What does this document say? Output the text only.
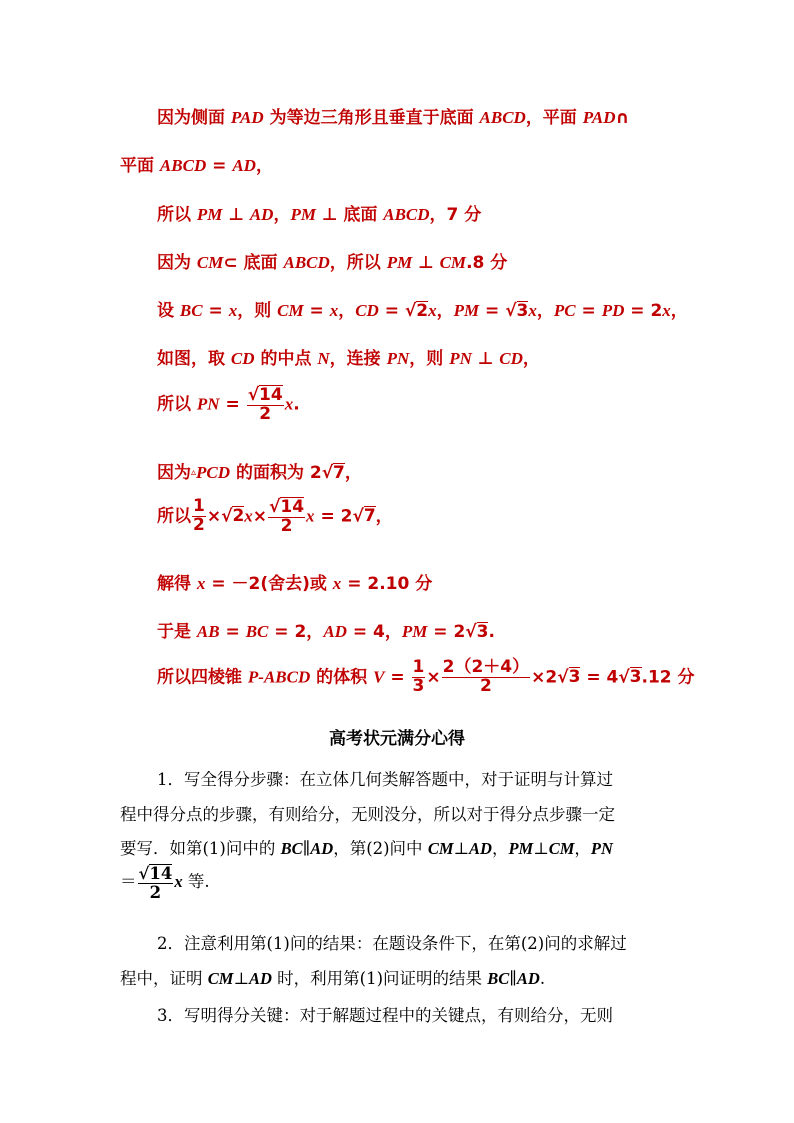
因为侧面 PAD 为等边三角形且垂直于底面 ABCD，平面 PAD∩
平面 ABCD = AD，
所以 PM ⊥ AD，PM ⊥ 底面 ABCD，7 分
因为 CM⊂ 底面 ABCD，所以 PM ⊥ CM.8 分
设 BC = x，则 CM = x，CD = √2x，PM = √3x，PC = PD = 2x，
如图，取 CD 的中点 N，连接 PN，则 PN ⊥ CD，
所以 PN = $\frac{√14}{2} x$.
因为▵PCD 的面积为 2√7，
所以 $\frac{1}{2} \times√2x\times \frac{√14}{2}$ x = 2√7，
解得 x = －2(舍去)或 x = 2.10 分
于是 AB = BC = 2，AD = 4，PM = 2√3.
所以四棱锥 P-ABCD 的体积 $V = \frac{1}{3} \times \frac{2(2+4)}{2} \times 2√3 = 4√3.12$ 分
高考状元满分心得
1．写全得分步骤：在立体几何类解答题中，对于证明与计算过
程中得分点的步骤，有则给分，无则没分，所以对于得分点步骤一定
要写．如第(1)问中的 BC∥AD，第(2)问中 CM⊥AD，PM⊥CM，PN
＝ $\frac{√14}{2}$ x 等.
2．注意利用第(1)问的结果：在题设条件下，在第(2)问的求解过
程中，证明 CM⊥AD 时，利用第(1)问证明的结果 BC∥AD.
3．写明得分关键：对于解题过程中的关键点，有则给分，无则
